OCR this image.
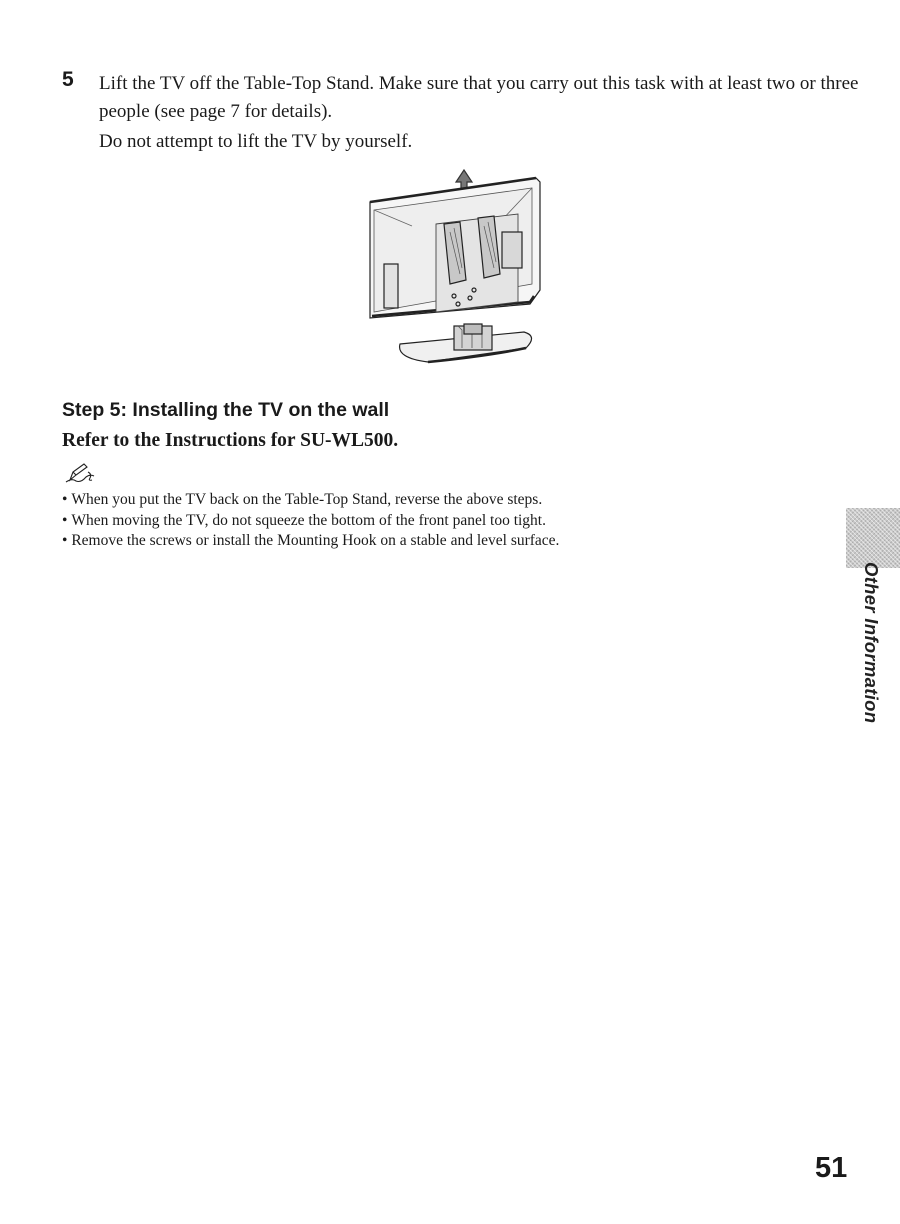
5 Lift the TV off the Table-Top Stand. Make sure that you carry out this task with at least two or three people (see page 7 for details).
Do not attempt to lift the TV by yourself.
Step 5: Installing the TV on the wall
Refer to the Instructions for SU-WL500.
• When you put the TV back on the Table-Top Stand, reverse the above steps.
• When moving the TV, do not squeeze the bottom of the front panel too tight.
• Remove the screws or install the Mounting Hook on a stable and level surface.
Other Information
51
